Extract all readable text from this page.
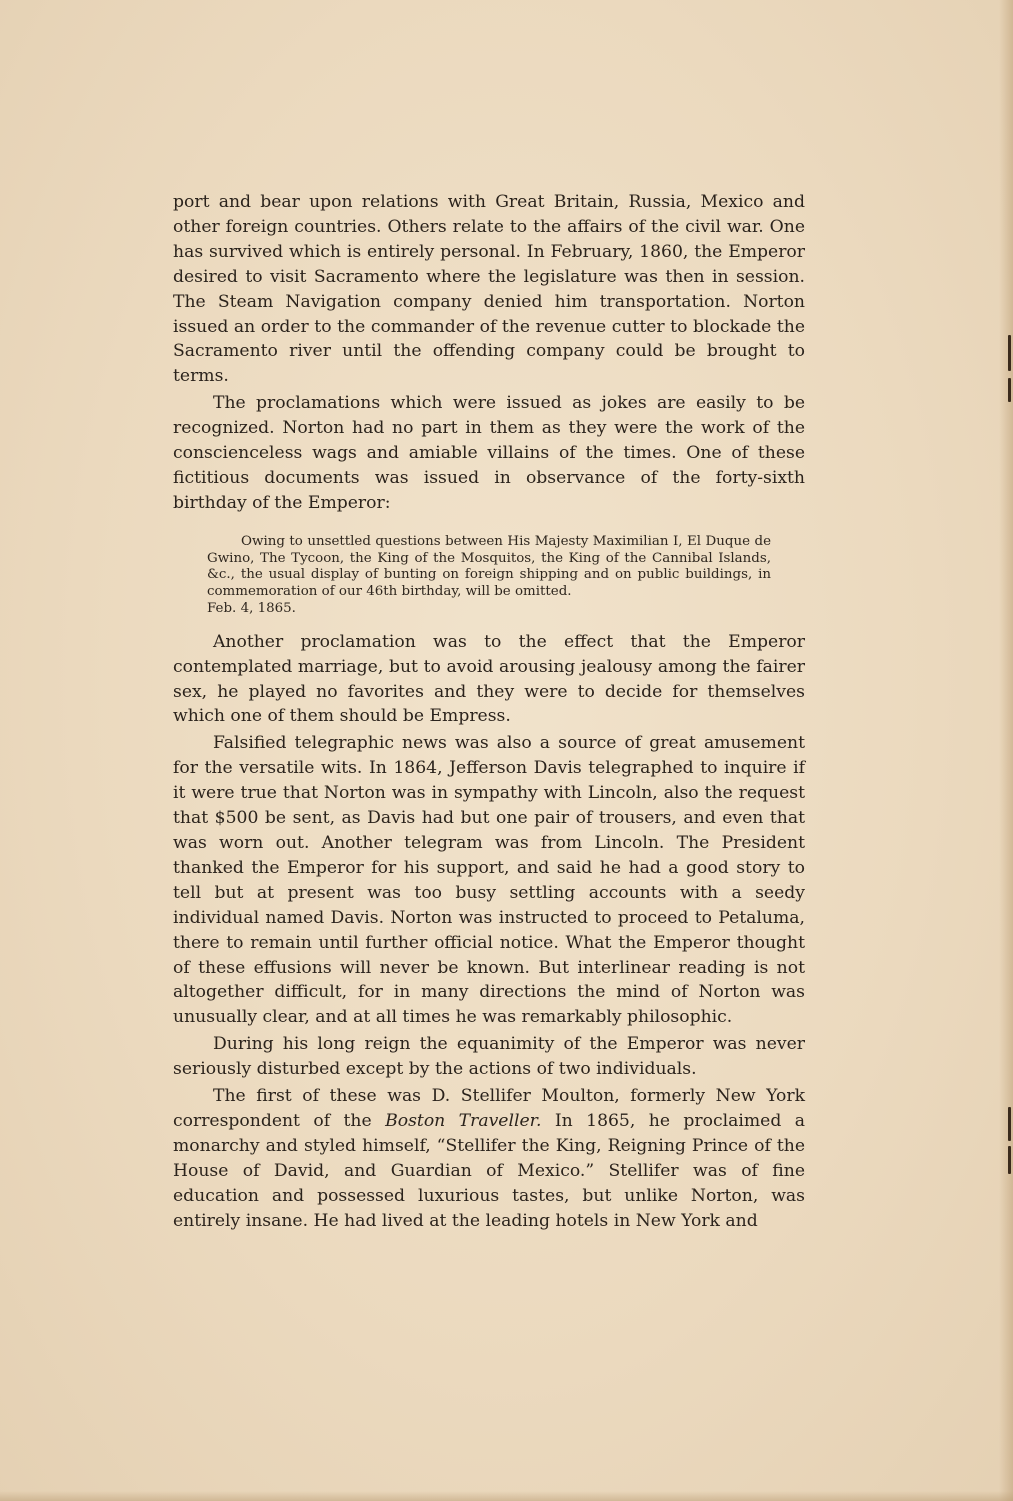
port and bear upon relations with Great Britain, Russia, Mexico and other foreign countries. Others relate to the affairs of the civil war. One has survived which is entirely personal. In February, 1860, the Emperor desired to visit Sacramento where the legislature was then in session. The Steam Navigation company denied him transportation. Norton issued an order to the commander of the revenue cutter to blockade the Sacramento river until the offending company could be brought to terms.

The proclamations which were issued as jokes are easily to be recognized. Norton had no part in them as they were the work of the conscienceless wags and amiable villains of the times. One of these fictitious documents was issued in observance of the forty-sixth birthday of the Emperor:

Owing to unsettled questions between His Majesty Maximilian I, El Duque de Gwino, The Tycoon, the King of the Mosquitos, the King of the Cannibal Islands, &c., the usual display of bunting on foreign shipping and on public buildings, in commemoration of our 46th birthday, will be omitted.
Feb. 4, 1865.

Another proclamation was to the effect that the Emperor contemplated marriage, but to avoid arousing jealousy among the fairer sex, he played no favorites and they were to decide for themselves which one of them should be Empress.

Falsified telegraphic news was also a source of great amusement for the versatile wits. In 1864, Jefferson Davis telegraphed to inquire if it were true that Norton was in sympathy with Lincoln, also the request that $500 be sent, as Davis had but one pair of trousers, and even that was worn out. Another telegram was from Lincoln. The President thanked the Emperor for his support, and said he had a good story to tell but at present was too busy settling accounts with a seedy individual named Davis. Norton was instructed to proceed to Petaluma, there to remain until further official notice. What the Emperor thought of these effusions will never be known. But interlinear reading is not altogether difficult, for in many directions the mind of Norton was unusually clear, and at all times he was remarkably philosophic.

During his long reign the equanimity of the Emperor was never seriously disturbed except by the actions of two individuals.

The first of these was D. Stellifer Moulton, formerly New York correspondent of the Boston Traveller. In 1865, he proclaimed a monarchy and styled himself, “Stellifer the King, Reigning Prince of the House of David, and Guardian of Mexico.” Stellifer was of fine education and possessed luxurious tastes, but unlike Norton, was entirely insane. He had lived at the leading hotels in New York and
